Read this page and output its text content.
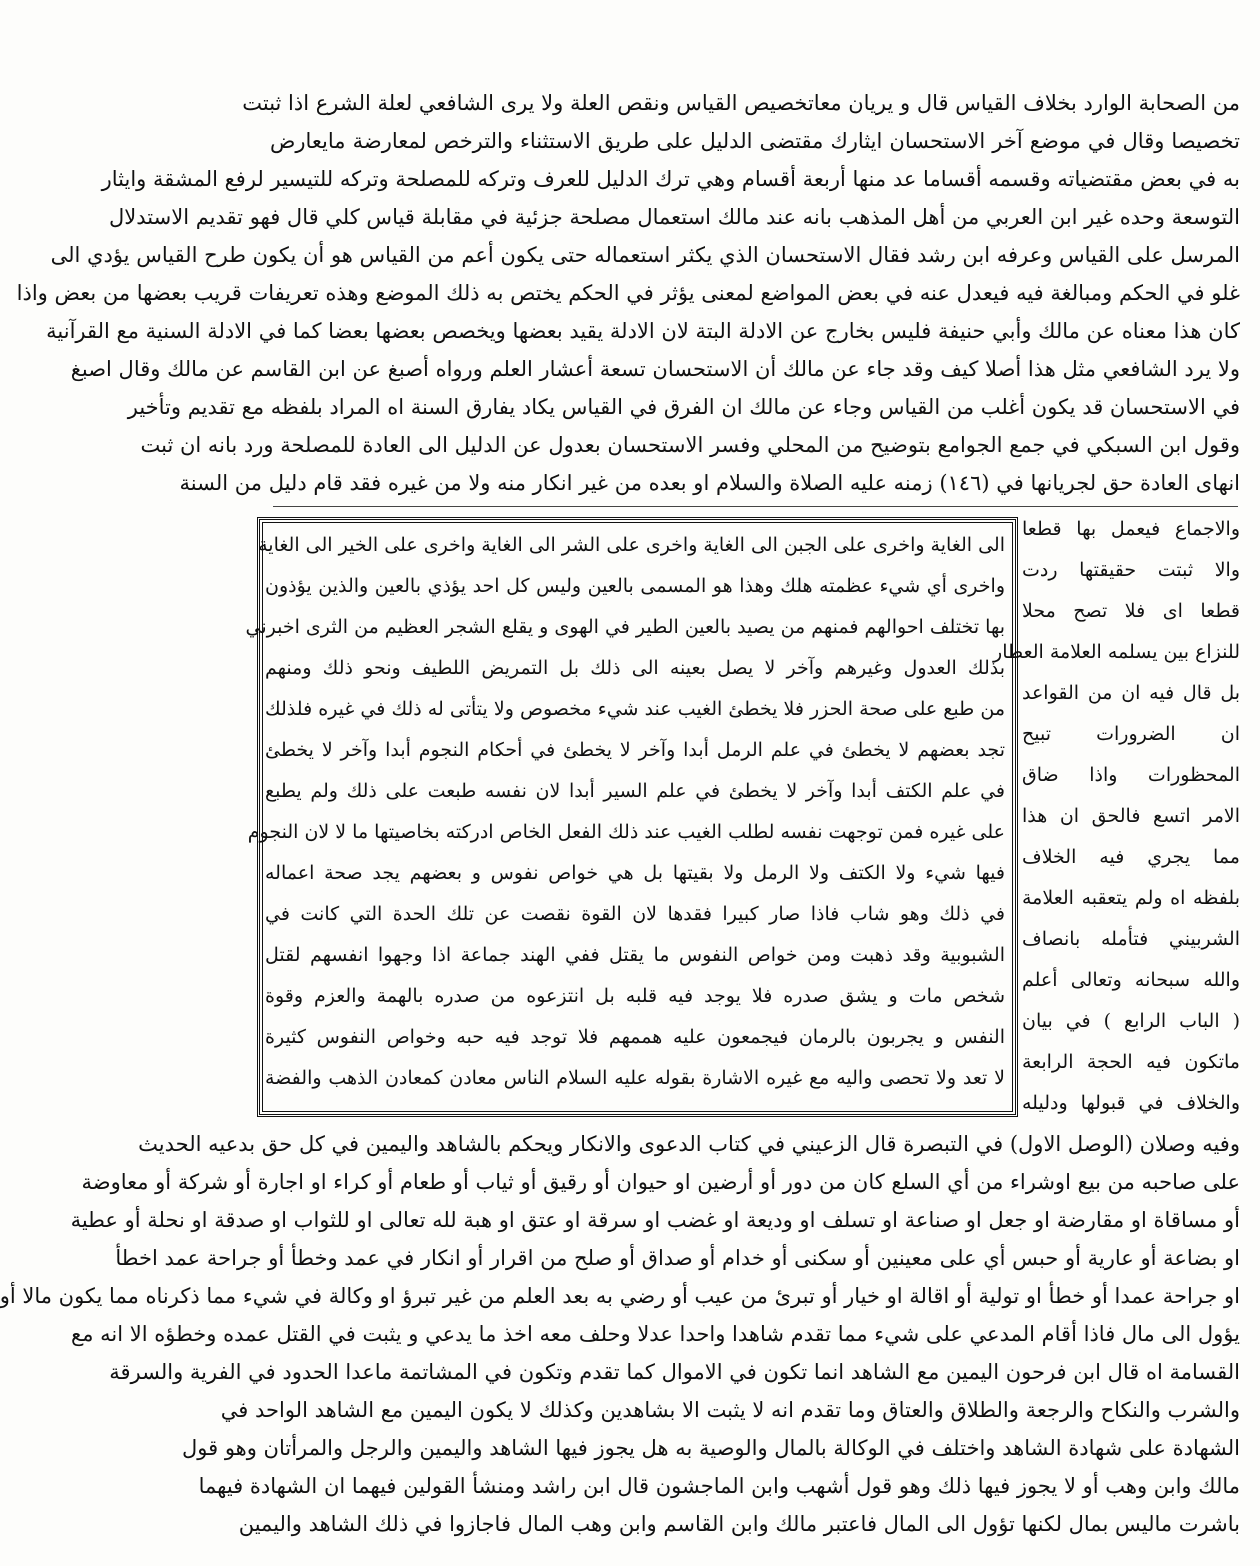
من الصحابة الوارد بخلاف القياس قال و يريان معاتخصيص القياس ونقص العلة ولا يرى الشافعي لعلة الشرع اذا ثبتت
تخصيصا وقال في موضع آخر الاستحسان ايثارك مقتضى الدليل على طريق الاستثناء والترخص لمعارضة مايعارض
به في بعض مقتضياته وقسمه أقساما عد منها أربعة أقسام وهي ترك الدليل للعرف وتركه للمصلحة وتركه للتيسير لرفع المشقة وايثار
التوسعة وحده غير ابن العربي من أهل المذهب بانه عند مالك استعمال مصلحة جزئية في مقابلة قياس كلي قال فهو تقديم الاستدلال
المرسل على القياس وعرفه ابن رشد فقال الاستحسان الذي يكثر استعماله حتى يكون أعم من القياس هو أن يكون طرح القياس يؤدي الى
غلو في الحكم ومبالغة فيه فيعدل عنه في بعض المواضع لمعنى يؤثر في الحكم يختص به ذلك الموضع وهذه تعريفات قريب بعضها من بعض واذا
كان هذا معناه عن مالك وأبي حنيفة فليس بخارج عن الادلة البتة لان الادلة يقيد بعضها ويخصص بعضها بعضا كما في الادلة السنية مع القرآنية
ولا يرد الشافعي مثل هذا أصلا كيف وقد جاء عن مالك أن الاستحسان تسعة أعشار العلم ورواه أصبغ عن ابن القاسم عن مالك وقال اصبغ
في الاستحسان قد يكون أغلب من القياس وجاء عن مالك ان الفرق في القياس يكاد يفارق السنة اه المراد بلفظه مع تقديم وتأخير
وقول ابن السبكي في جمع الجوامع بتوضيح من المحلي وفسر الاستحسان بعدول عن الدليل الى العادة للمصلحة ورد بانه ان ثبت
انهاى العادة حق لجريانها في (١٤٦) زمنه عليه الصلاة والسلام او بعده من غير انكار منه ولا من غيره فقد قام دليل من السنة
والاجماع فيعمل بها قطعا
والا ثبتت حقيقتها ردت
قطعا اى فلا تصح محلا
للنزاع بين يسلمه العلامة العطار
بل قال فيه ان من القواعد
ان الضرورات تبيح
المحظورات واذا ضاق
الامر اتسع فالحق ان هذا
مما يجري فيه الخلاف
بلفظه اه ولم يتعقبه العلامة
الشربيني فتأمله بانصاف
والله سبحانه وتعالى أعلم
( الباب الرابع ) في بيان
ماتكون فيه الحجة الرابعة
والخلاف في قبولها ودليله
الى الغاية واخرى على الجبن الى الغاية واخرى على الشر الى الغاية واخرى على الخير الى الغاية
واخرى أي شيء عظمته هلك وهذا هو المسمى بالعين وليس كل احد يؤذي بالعين والذين يؤذون
بها تختلف احوالهم فمنهم من يصيد بالعين الطير في الهوى و يقلع الشجر العظيم من الثرى اخبرني
بذلك العدول وغيرهم وآخر لا يصل بعينه الى ذلك بل التمريض اللطيف ونحو ذلك ومنهم
من طبع على صحة الحزر فلا يخطئ الغيب عند شيء مخصوص ولا يتأتى له ذلك في غيره فلذلك
تجد بعضهم لا يخطئ في علم الرمل أبدا وآخر لا يخطئ في أحكام النجوم أبدا وآخر لا يخطئ
في علم الكتف أبدا وآخر لا يخطئ في علم السير أبدا لان نفسه طبعت على ذلك ولم يطبع
على غيره فمن توجهت نفسه لطلب الغيب عند ذلك الفعل الخاص ادركته بخاصيتها ما لا لان النجوم
فيها شيء ولا الكتف ولا الرمل ولا بقيتها بل هي خواص نفوس و بعضهم يجد صحة اعماله
في ذلك وهو شاب فاذا صار كبيرا فقدها لان القوة نقصت عن تلك الحدة التي كانت في
الشبوبية وقد ذهبت ومن خواص النفوس ما يقتل ففي الهند جماعة اذا وجهوا انفسهم لقتل
شخص مات و يشق صدره فلا يوجد فيه قلبه بل انتزعوه من صدره بالهمة والعزم وقوة
النفس و يجربون بالرمان فيجمعون عليه هممهم فلا توجد فيه حبه وخواص النفوس كثيرة
لا تعد ولا تحصى واليه مع غيره الاشارة بقوله عليه السلام الناس معادن كمعادن الذهب والفضة
وفيه وصلان (الوصل الاول) في التبصرة قال الزعيني في كتاب الدعوى والانكار ويحكم بالشاهد واليمين في كل حق بدعيه الحديث
على صاحبه من بيع اوشراء من أي السلع كان من دور أو أرضين او حيوان أو رقيق أو ثياب أو طعام أو كراء او اجارة أو شركة أو معاوضة
أو مساقاة او مقارضة او جعل او صناعة او تسلف او وديعة او غضب او سرقة او عتق او هبة لله تعالى او للثواب او صدقة او نحلة أو عطية
او بضاعة أو عارية أو حبس أي على معينين أو سكنى أو خدام أو صداق أو صلح من اقرار أو انكار في عمد وخطأ أو جراحة عمد اخطأ
او جراحة عمدا أو خطأ او تولية أو اقالة او خيار أو تبرئ من عيب أو رضي به بعد العلم من غير تبرؤ او وكالة في شيء مما ذكرناه مما يكون مالا أو
يؤول الى مال فاذا أقام المدعي على شيء مما تقدم شاهدا واحدا عدلا وحلف معه اخذ ما يدعي و يثبت في القتل عمده وخطؤه الا انه مع
القسامة اه قال ابن فرحون اليمين مع الشاهد انما تكون في الاموال كما تقدم وتكون في المشاتمة ماعدا الحدود في الفرية والسرقة
والشرب والنكاح والرجعة والطلاق والعتاق وما تقدم انه لا يثبت الا بشاهدين وكذلك لا يكون اليمين مع الشاهد الواحد في
الشهادة على شهادة الشاهد واختلف في الوكالة بالمال والوصية به هل يجوز فيها الشاهد واليمين والرجل والمرأتان وهو قول
مالك وابن وهب أو لا يجوز فيها ذلك وهو قول أشهب وابن الماجشون قال ابن راشد ومنشأ القولين فيهما ان الشهادة فيهما
باشرت ماليس بمال لكنها تؤول الى المال فاعتبر مالك وابن القاسم وابن وهب المال فاجازوا في ذلك الشاهد واليمين
